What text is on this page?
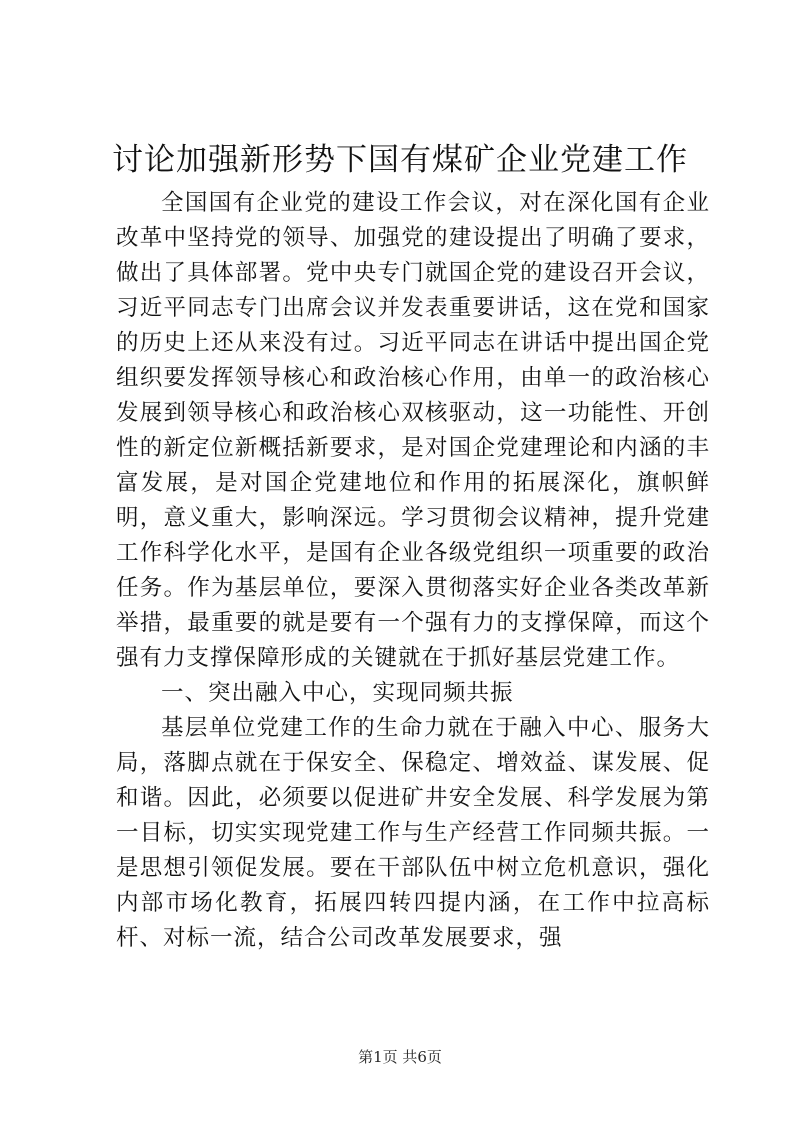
讨论加强新形势下国有煤矿企业党建工作

全国国有企业党的建设工作会议，对在深化国有企业改革中坚持党的领导、加强党的建设提出了明确了要求，做出了具体部署。党中央专门就国企党的建设召开会议，习近平同志专门出席会议并发表重要讲话，这在党和国家的历史上还从来没有过。习近平同志在讲话中提出国企党组织要发挥领导核心和政治核心作用，由单一的政治核心发展到领导核心和政治核心双核驱动，这一功能性、开创性的新定位新概括新要求，是对国企党建理论和内涵的丰富发展，是对国企党建地位和作用的拓展深化，旗帜鲜明，意义重大，影响深远。学习贯彻会议精神，提升党建工作科学化水平，是国有企业各级党组织一项重要的政治任务。作为基层单位，要深入贯彻落实好企业各类改革新举措，最重要的就是要有一个强有力的支撑保障，而这个强有力支撑保障形成的关键就在于抓好基层党建工作。

一、突出融入中心，实现同频共振

基层单位党建工作的生命力就在于融入中心、服务大局，落脚点就在于保安全、保稳定、增效益、谋发展、促和谐。因此，必须要以促进矿井安全发展、科学发展为第一目标，切实实现党建工作与生产经营工作同频共振。一是思想引领促发展。要在干部队伍中树立危机意识，强化内部市场化教育，拓展四转四提内涵，在工作中拉高标杆、对标一流，结合公司改革发展要求，强

第1页 共6页
